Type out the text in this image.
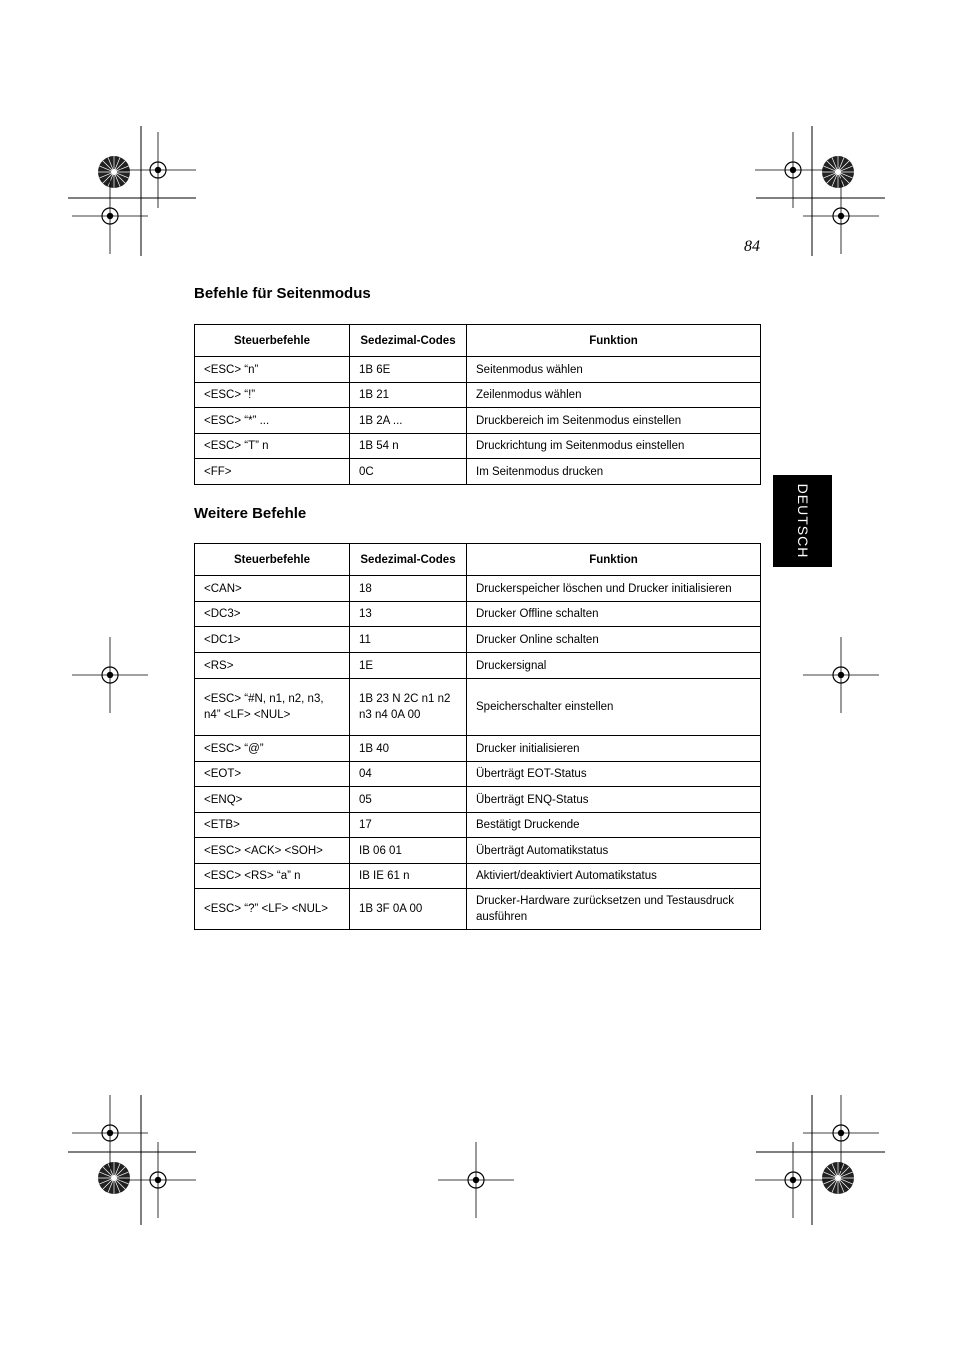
84
Befehle für Seitenmodus
Steuerbefehle	Sedezimal-Codes	Funktion
<ESC> “n”	1B 6E	Seitenmodus wählen
<ESC> “!”	1B 21	Zeilenmodus wählen
<ESC> “*” ...	1B 2A ...	Druckbereich im Seitenmodus einstellen
<ESC> “T” n	1B 54 n	Druckrichtung im Seitenmodus einstellen
<FF>	0C	Im Seitenmodus drucken
Weitere Befehle
Steuerbefehle	Sedezimal-Codes	Funktion
<CAN>	18	Druckerspeicher löschen und Drucker initialisieren
<DC3>	13	Drucker Offline schalten
<DC1>	11	Drucker Online schalten
<RS>	1E	Druckersignal
<ESC> “#N, n1, n2, n3, n4” <LF> <NUL>	1B 23 N 2C n1 n2 n3 n4 0A 00	Speicherschalter einstellen
<ESC> “@”	1B 40	Drucker initialisieren
<EOT>	04	Überträgt EOT-Status
<ENQ>	05	Überträgt ENQ-Status
<ETB>	17	Bestätigt Druckende
<ESC> <ACK> <SOH>	IB 06 01	Überträgt Automatikstatus
<ESC> <RS> “a” n	IB IE 61 n	Aktiviert/deaktiviert Automatikstatus
<ESC> “?” <LF> <NUL>	1B 3F 0A 00	Drucker-Hardware zurücksetzen und Testausdruck ausführen
DEUTSCH
